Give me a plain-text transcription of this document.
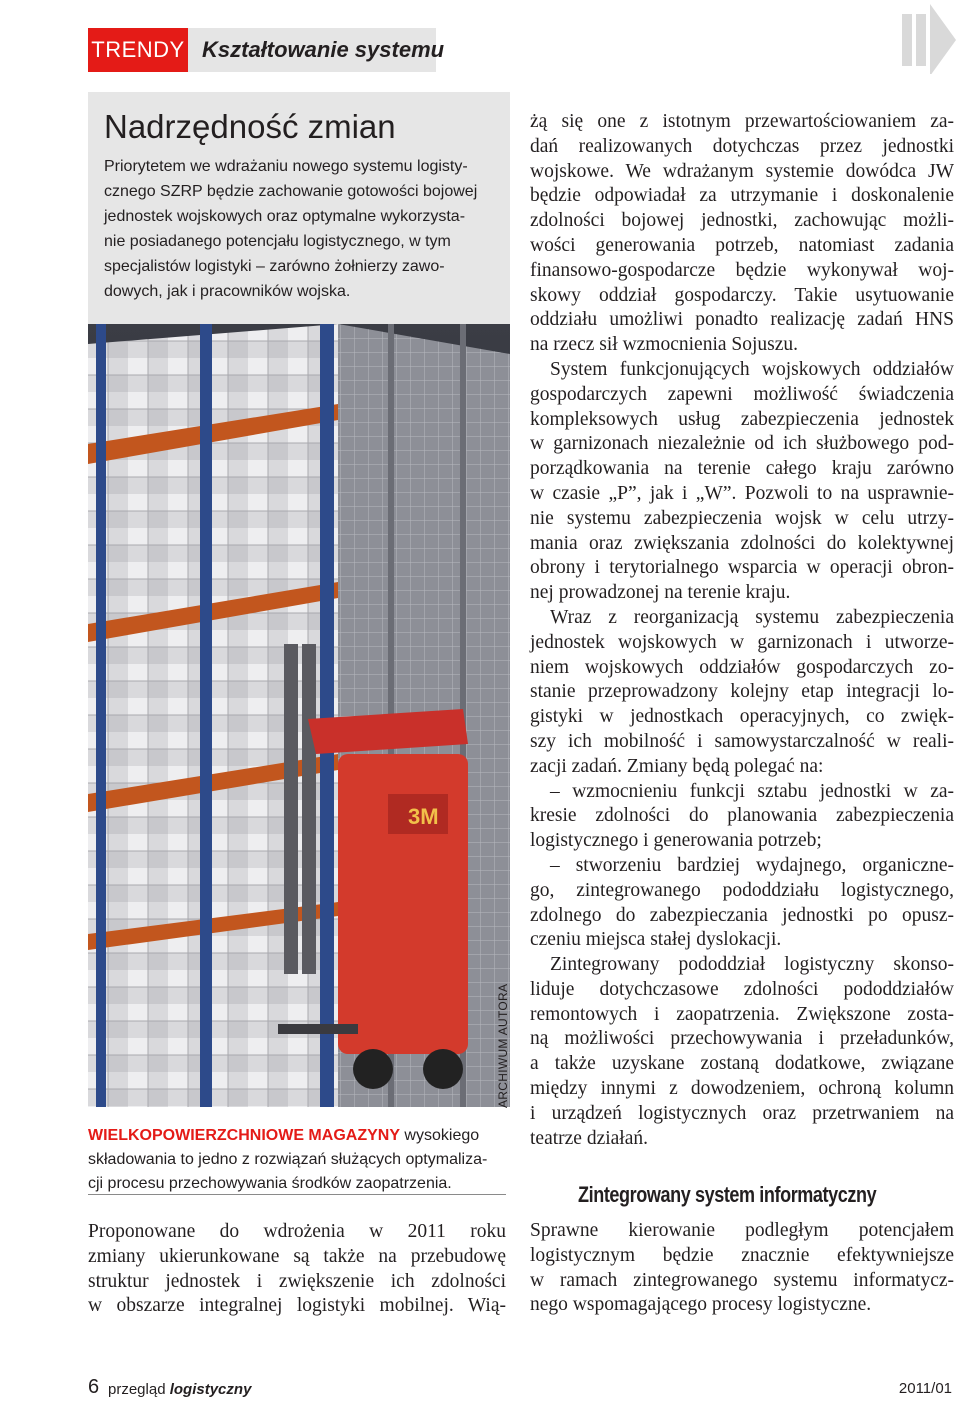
TRENDY Kształtowanie systemu
Nadrzędność zmian
Priorytetem we wdrażaniu nowego systemu logisty-
cznego SZRP będzie zachowanie gotowości bojowej
jednostek wojskowych oraz optymalne wykorzysta-
nie posiadanego potencjału logistycznego, w tym
specjalistów logistyki – zarówno żołnierzy zawo-
dowych, jak i pracowników wojska.
3M
ARCHIWUM AUTORA
WIELKOPOWIERZCHNIOWE MAGAZYNY wysokiego
składowania to jedno z rozwiązań służących optymaliza-
cji procesu przechowywania środków zaopatrzenia.
Proponowane do wdrożenia w 2011 roku
zmiany ukierunkowane są także na przebudowę
struktur jednostek i zwiększenie ich zdolności
w obszarze integralnej logistyki mobilnej. Wią-
żą się one z istotnym przewartościowaniem za-
dań realizowanych dotychczas przez jednostki
wojskowe. We wdrażanym systemie dowódca JW
będzie odpowiadał za utrzymanie i doskonalenie
zdolności bojowej jednostki, zachowując możli-
wości generowania potrzeb, natomiast zadania
finansowo-gospodarcze będzie wykonywał woj-
skowy oddział gospodarczy. Takie usytuowanie
oddziału umożliwi ponadto realizację zadań HNS
na rzecz sił wzmocnienia Sojuszu.
System funkcjonujących wojskowych oddziałów
gospodarczych zapewni możliwość świadczenia
kompleksowych usług zabezpieczenia jednostek
w garnizonach niezależnie od ich służbowego pod-
porządkowania na terenie całego kraju zarówno
w czasie „P”, jak i „W”. Pozwoli to na usprawnie-
nie systemu zabezpieczenia wojsk w celu utrzy-
mania oraz zwiększania zdolności do kolektywnej
obrony i terytorialnego wsparcia w operacji obron-
nej prowadzonej na terenie kraju.
Wraz z reorganizacją systemu zabezpieczenia
jednostek wojskowych w garnizonach i utworze-
niem wojskowych oddziałów gospodarczych zo-
stanie przeprowadzony kolejny etap integracji lo-
gistyki w jednostkach operacyjnych, co zwięk-
szy ich mobilność i samowystarczalność w reali-
zacji zadań. Zmiany będą polegać na:
– wzmocnieniu funkcji sztabu jednostki w za-
kresie zdolności do planowania zabezpieczenia
logistycznego i generowania potrzeb;
– stworzeniu bardziej wydajnego, organiczne-
go, zintegrowanego pododdziału logistycznego,
zdolnego do zabezpieczania jednostki po opusz-
czeniu miejsca stałej dyslokacji.
Zintegrowany pododdział logistyczny skonso-
liduje dotychczasowe zdolności pododdziałów
remontowych i zaopatrzenia. Zwiększone zosta-
ną możliwości przechowywania i przeładunków,
a także uzyskane zostaną dodatkowe, związane
między innymi z dowodzeniem, ochroną kolumn
i urządzeń logistycznych oraz przetrwaniem na
teatrze działań.
Zintegrowany system informatyczny
Sprawne kierowanie podległym potencjałem
logistycznym będzie znacznie efektywniejsze
w ramach zintegrowanego systemu informatycz-
nego wspomagającego procesy logistyczne.
6 przegląd logistyczny	2011/01
